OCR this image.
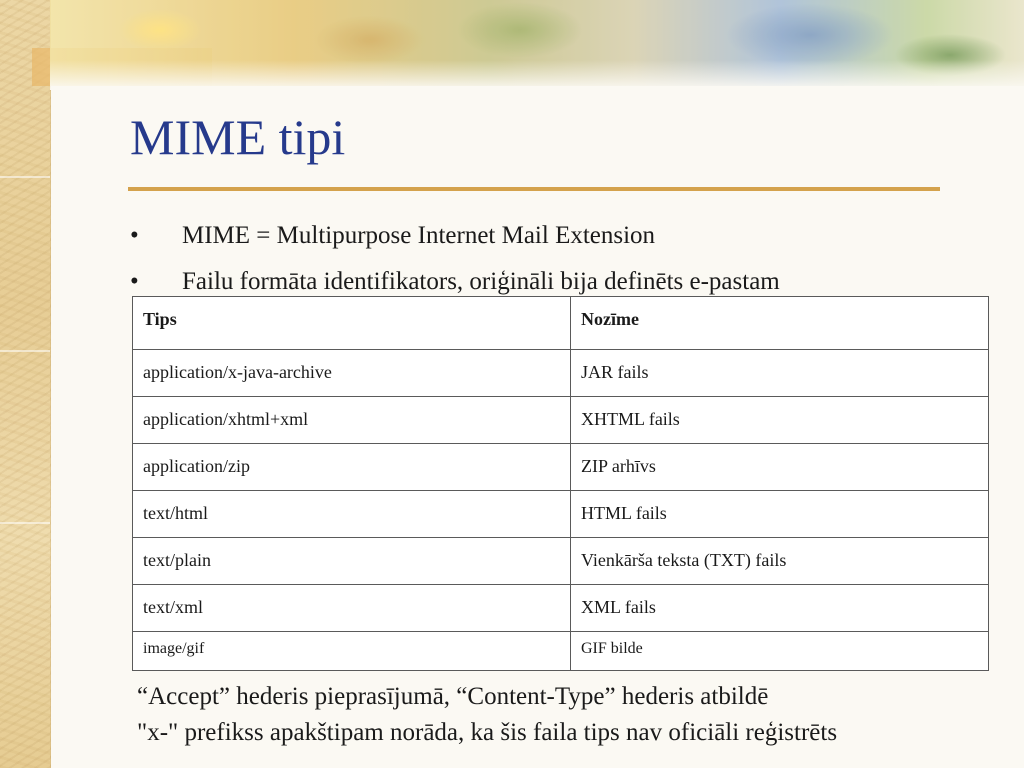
MIME tipi
• MIME = Multipurpose Internet Mail Extension
• Failu formāta identifikators, oriģināli bija definēts e-pastam
Tips	Nozīme
application/x-java-archive	JAR fails
application/xhtml+xml	XHTML fails
application/zip	ZIP arhīvs
text/html	HTML fails
text/plain	Vienkārša teksta (TXT) fails
text/xml	XML fails
image/gif	GIF bilde
“Accept” hederis pieprasījumā, “Content-Type” hederis atbildē
"x-" prefikss apakštipam norāda, ka šis faila tips nav oficiāli reģistrēts
